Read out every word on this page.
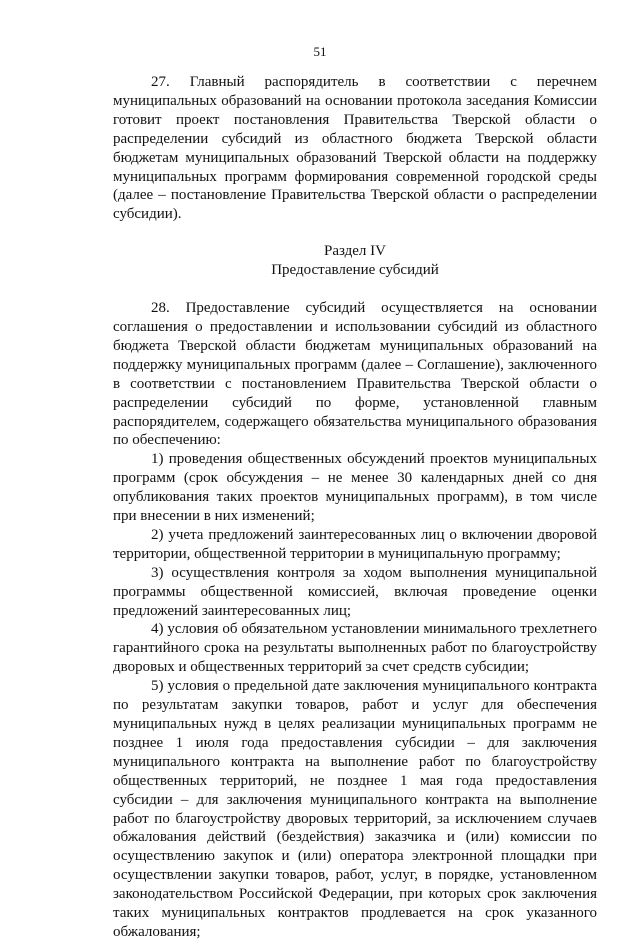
51

27. Главный распорядитель в соответствии с перечнем муниципальных образований на основании протокола заседания Комиссии готовит проект постановления Правительства Тверской области о распределении субсидий из областного бюджета Тверской области бюджетам муниципальных образований Тверской области на поддержку муниципальных программ формирования современной городской среды (далее – постановление Правительства Тверской области о распределении субсидии).

Раздел IV

Предоставление субсидий

28. Предоставление субсидий осуществляется на основании соглашения о предоставлении и использовании субсидий из областного бюджета Тверской области бюджетам муниципальных образований на поддержку муниципальных программ (далее – Соглашение), заключенного в соответствии с постановлением Правительства Тверской области о распределении субсидий по форме, установленной главным распорядителем, содержащего обязательства муниципального образования по обеспечению:

1) проведения общественных обсуждений проектов муниципальных программ (срок обсуждения – не менее 30 календарных дней со дня опубликования таких проектов муниципальных программ), в том числе при внесении в них изменений;

2) учета предложений заинтересованных лиц о включении дворовой территории, общественной территории в муниципальную программу;

3) осуществления контроля за ходом выполнения муниципальной программы общественной комиссией, включая проведение оценки предложений заинтересованных лиц;

4) условия об обязательном установлении минимального трехлетнего гарантийного срока на результаты выполненных работ по благоустройству дворовых и общественных территорий за счет средств субсидии;

5) условия о предельной дате заключения муниципального контракта по результатам закупки товаров, работ и услуг для обеспечения муниципальных нужд в целях реализации муниципальных программ не позднее 1 июля года предоставления субсидии – для заключения муниципального контракта на выполнение работ по благоустройству общественных территорий, не позднее 1 мая года предоставления субсидии – для заключения муниципального контракта на выполнение работ по благоустройству дворовых территорий, за исключением случаев обжалования действий (бездействия) заказчика и (или) комиссии по осуществлению закупок и (или) оператора электронной площадки при осуществлении закупки товаров, работ, услуг, в порядке, установленном законодательством Российской Федерации, при которых срок заключения таких муниципальных контрактов продлевается на срок указанного обжалования;
